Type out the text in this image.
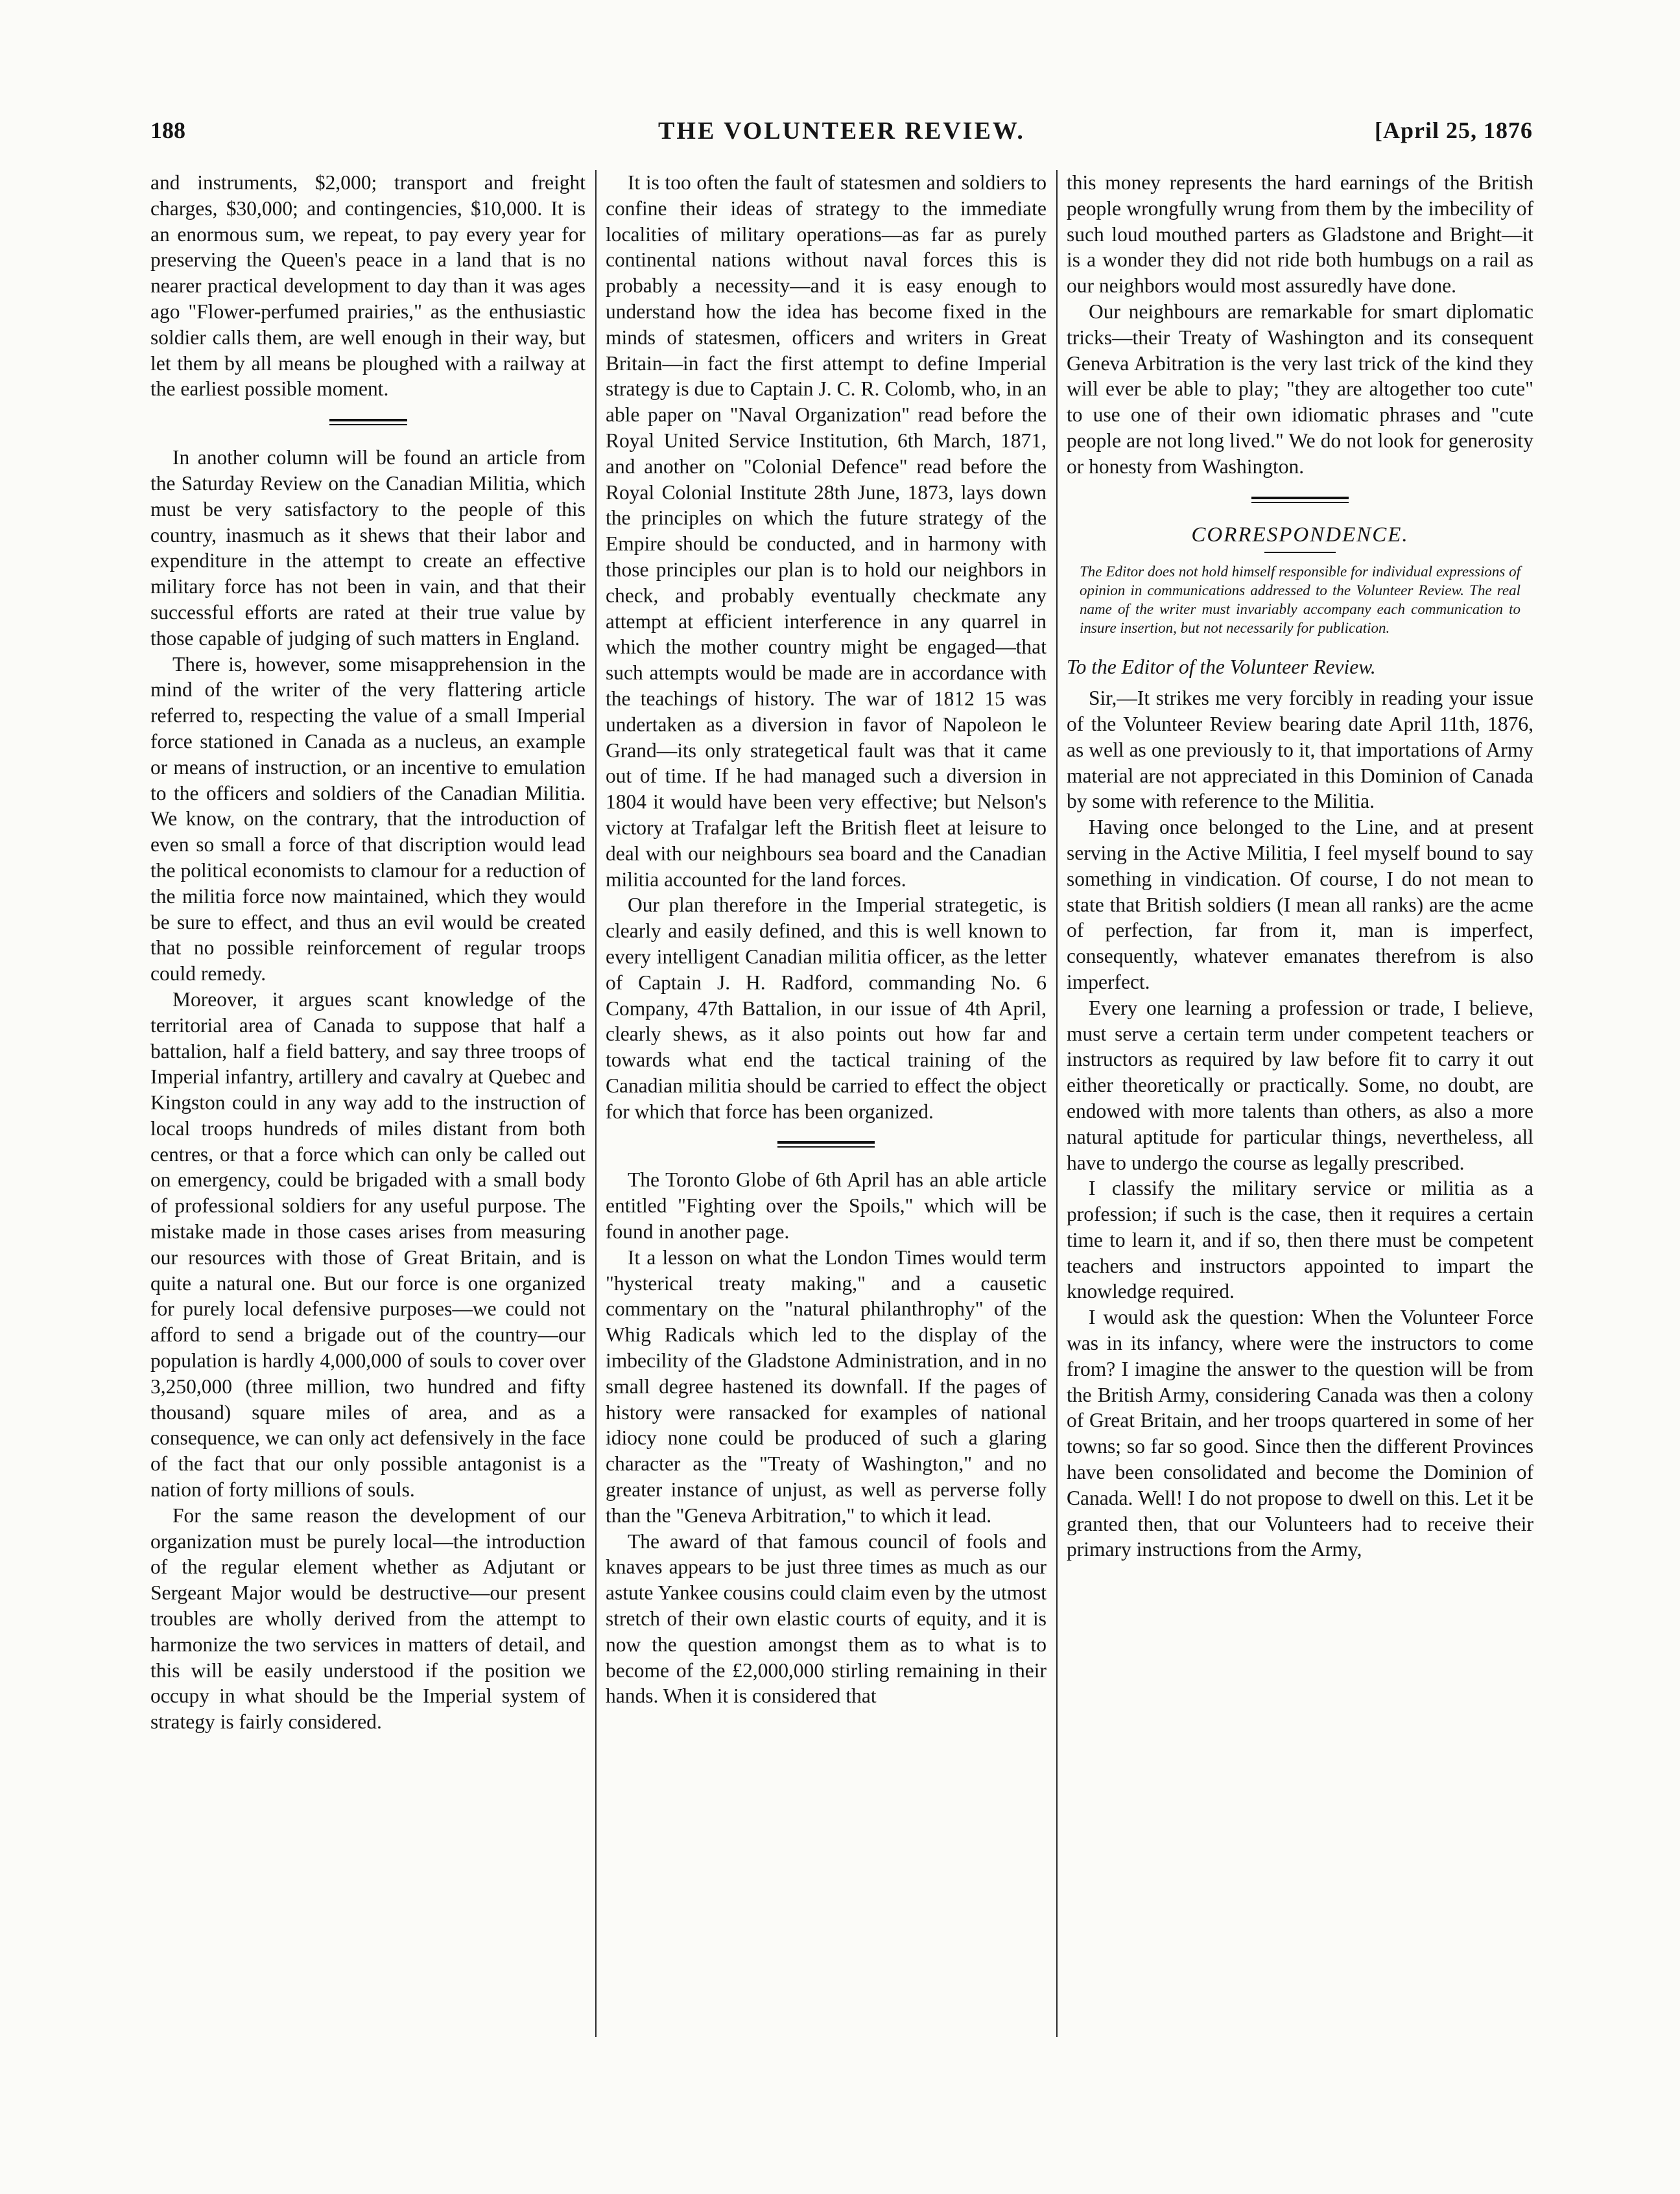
188	THE VOLUNTEER REVIEW.	[April 25, 1876

and instruments, $2,000; transport and freight charges, $30,000; and contingencies, $10,000. It is an enormous sum, we repeat, to pay every year for preserving the Queen's peace in a land that is no nearer practical development to day than it was ages ago "Flower-perfumed prairies," as the enthusiastic soldier calls them, are well enough in their way, but let them by all means be ploughed with a railway at the earliest possible moment.

In another column will be found an article from the Saturday Review on the Canadian Militia, which must be very satisfactory to the people of this country, inasmuch as it shews that their labor and expenditure in the attempt to create an effective military force has not been in vain, and that their successful efforts are rated at their true value by those capable of judging of such matters in England.

There is, however, some misapprehension in the mind of the writer of the very flattering article referred to, respecting the value of a small Imperial force stationed in Canada as a nucleus, an example or means of instruction, or an incentive to emulation to the officers and soldiers of the Canadian Militia. We know, on the contrary, that the introduction of even so small a force of that discription would lead the political economists to clamour for a reduction of the militia force now maintained, which they would be sure to effect, and thus an evil would be created that no possible reinforcement of regular troops could remedy.

Moreover, it argues scant knowledge of the territorial area of Canada to suppose that half a battalion, half a field battery, and say three troops of Imperial infantry, artillery and cavalry at Quebec and Kingston could in any way add to the instruction of local troops hundreds of miles distant from both centres, or that a force which can only be called out on emergency, could be brigaded with a small body of professional soldiers for any useful purpose. The mistake made in those cases arises from measuring our resources with those of Great Britain, and is quite a natural one. But our force is one organized for purely local defensive purposes—we could not afford to send a brigade out of the country—our population is hardly 4,000,000 of souls to cover over 3,250,000 (three million, two hundred and fifty thousand) square miles of area, and as a consequence, we can only act defensively in the face of the fact that our only possible antagonist is a nation of forty millions of souls.

For the same reason the development of our organization must be purely local—the introduction of the regular element whether as Adjutant or Sergeant Major would be destructive—our present troubles are wholly derived from the attempt to harmonize the two services in matters of detail, and this will be easily understood if the position we occupy in what should be the Imperial system of strategy is fairly considered.

It is too often the fault of statesmen and soldiers to confine their ideas of strategy to the immediate localities of military operations—as far as purely continental nations without naval forces this is probably a necessity—and it is easy enough to understand how the idea has become fixed in the minds of statesmen, officers and writers in Great Britain—in fact the first attempt to define Imperial strategy is due to Captain J. C. R. Colomb, who, in an able paper on "Naval Organization" read before the Royal United Service Institution, 6th March, 1871, and another on "Colonial Defence" read before the Royal Colonial Institute 28th June, 1873, lays down the principles on which the future strategy of the Empire should be conducted, and in harmony with those principles our plan is to hold our neighbors in check, and probably eventually checkmate any attempt at efficient interference in any quarrel in which the mother country might be engaged—that such attempts would be made are in accordance with the teachings of history. The war of 1812 15 was undertaken as a diversion in favor of Napoleon le Grand—its only strategetical fault was that it came out of time. If he had managed such a diversion in 1804 it would have been very effective; but Nelson's victory at Trafalgar left the British fleet at leisure to deal with our neighbours sea board and the Canadian militia accounted for the land forces.

Our plan therefore in the Imperial strategetic, is clearly and easily defined, and this is well known to every intelligent Canadian militia officer, as the letter of Captain J. H. Radford, commanding No. 6 Company, 47th Battalion, in our issue of 4th April, clearly shews, as it also points out how far and towards what end the tactical training of the Canadian militia should be carried to effect the object for which that force has been organized.

The Toronto Globe of 6th April has an able article entitled "Fighting over the Spoils," which will be found in another page.

It a lesson on what the London Times would term "hysterical treaty making," and a causetic commentary on the "natural philanthrophy" of the Whig Radicals which led to the display of the imbecility of the Gladstone Administration, and in no small degree hastened its downfall. If the pages of history were ransacked for examples of national idiocy none could be produced of such a glaring character as the "Treaty of Washington," and no greater instance of unjust, as well as perverse folly than the "Geneva Arbitration," to which it lead.

The award of that famous council of fools and knaves appears to be just three times as much as our astute Yankee cousins could claim even by the utmost stretch of their own elastic courts of equity, and it is now the question amongst them as to what is to become of the £2,000,000 stirling remaining in their hands. When it is considered that

this money represents the hard earnings of the British people wrongfully wrung from them by the imbecility of such loud mouthed parters as Gladstone and Bright—it is a wonder they did not ride both humbugs on a rail as our neighbors would most assuredly have done.

Our neighbours are remarkable for smart diplomatic tricks—their Treaty of Washington and its consequent Geneva Arbitration is the very last trick of the kind they will ever be able to play; "they are altogether too cute" to use one of their own idiomatic phrases and "cute people are not long lived." We do not look for generosity or honesty from Washington.

CORRESPONDENCE.

The Editor does not hold himself responsible for individual expressions of opinion in communications addressed to the Volunteer Review. The real name of the writer must invariably accompany each communication to insure insertion, but not necessarily for publication.

To the Editor of the Volunteer Review.

Sir,—It strikes me very forcibly in reading your issue of the Volunteer Review bearing date April 11th, 1876, as well as one previously to it, that importations of Army material are not appreciated in this Dominion of Canada by some with reference to the Militia.

Having once belonged to the Line, and at present serving in the Active Militia, I feel myself bound to say something in vindication. Of course, I do not mean to state that British soldiers (I mean all ranks) are the acme of perfection, far from it, man is imperfect, consequently, whatever emanates therefrom is also imperfect.

Every one learning a profession or trade, I believe, must serve a certain term under competent teachers or instructors as required by law before fit to carry it out either theoretically or practically. Some, no doubt, are endowed with more talents than others, as also a more natural aptitude for particular things, nevertheless, all have to undergo the course as legally prescribed.

I classify the military service or militia as a profession; if such is the case, then it requires a certain time to learn it, and if so, then there must be competent teachers and instructors appointed to impart the knowledge required.

I would ask the question: When the Volunteer Force was in its infancy, where were the instructors to come from? I imagine the answer to the question will be from the British Army, considering Canada was then a colony of Great Britain, and her troops quartered in some of her towns; so far so good. Since then the different Provinces have been consolidated and become the Dominion of Canada. Well! I do not propose to dwell on this. Let it be granted then, that our Volunteers had to receive their primary instructions from the Army,
